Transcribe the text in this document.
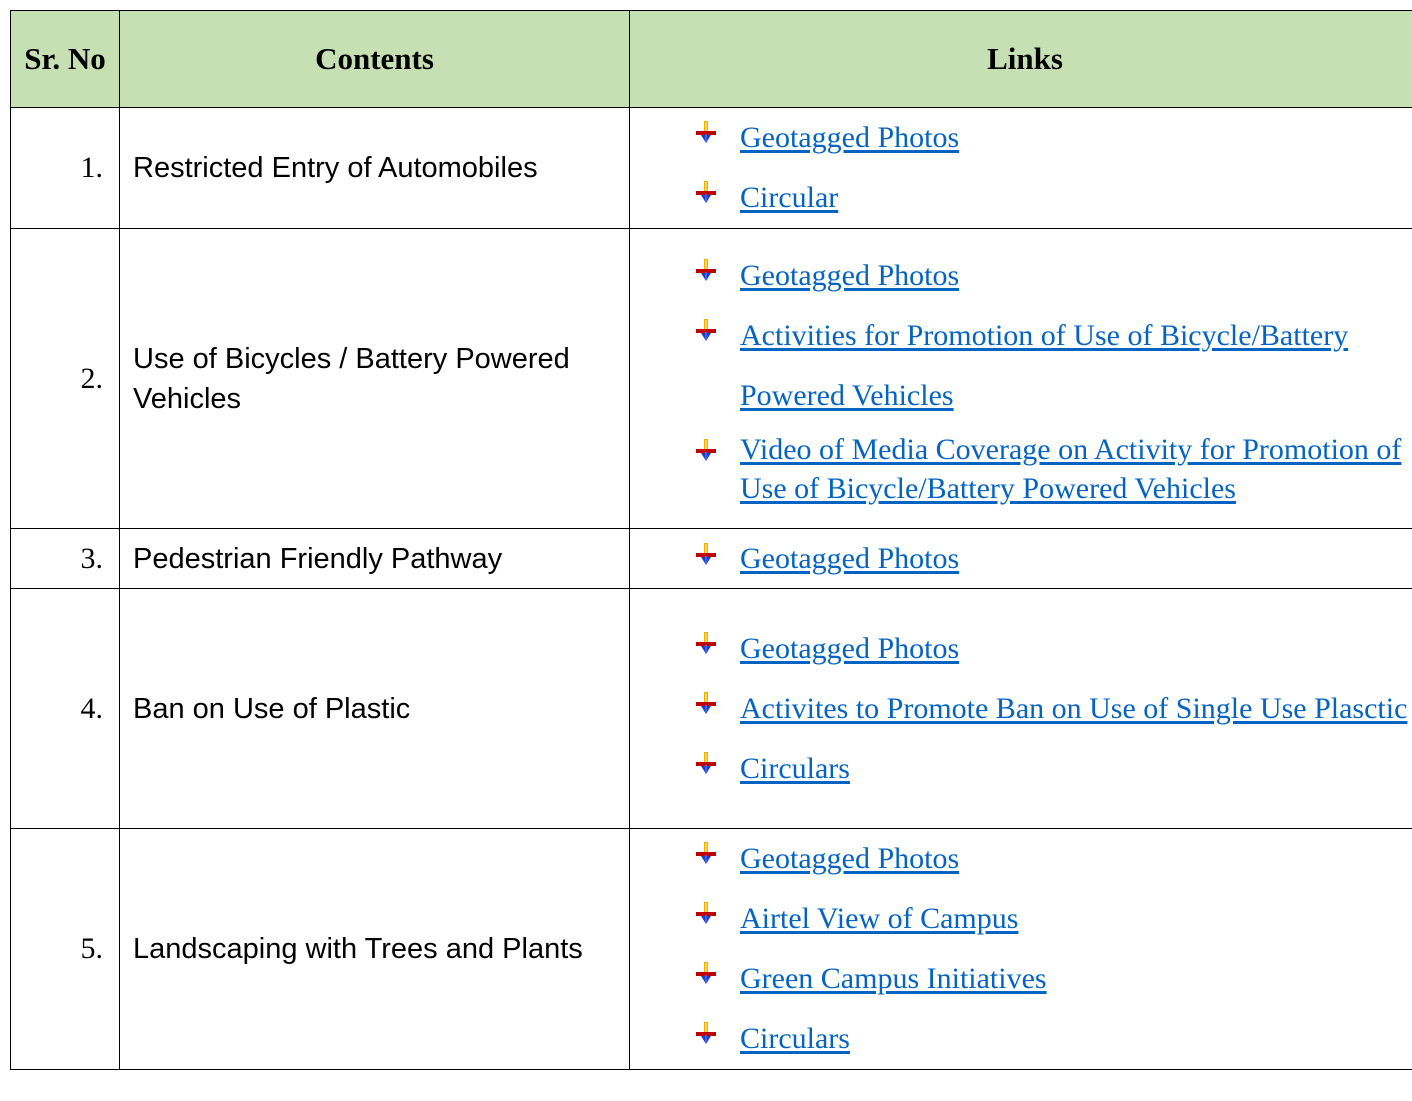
Sr. No	Contents	Links
1.	Restricted Entry of Automobiles	Geotagged Photos
Circular

2.	Use of Bicycles / Battery Powered Vehicles	Geotagged Photos
Activities for Promotion of Use of Bicycle/Battery Powered Vehicles
Video of Media Coverage on Activity for Promotion of Use of Bicycle/Battery Powered Vehicles

3.	Pedestrian Friendly Pathway	Geotagged Photos

4.	Ban on Use of Plastic	Geotagged Photos
Activites to Promote Ban on Use of Single Use Plasctic
Circulars

5.	Landscaping with Trees and Plants	Geotagged Photos
Airtel View of Campus
Green Campus Initiatives
Circulars
